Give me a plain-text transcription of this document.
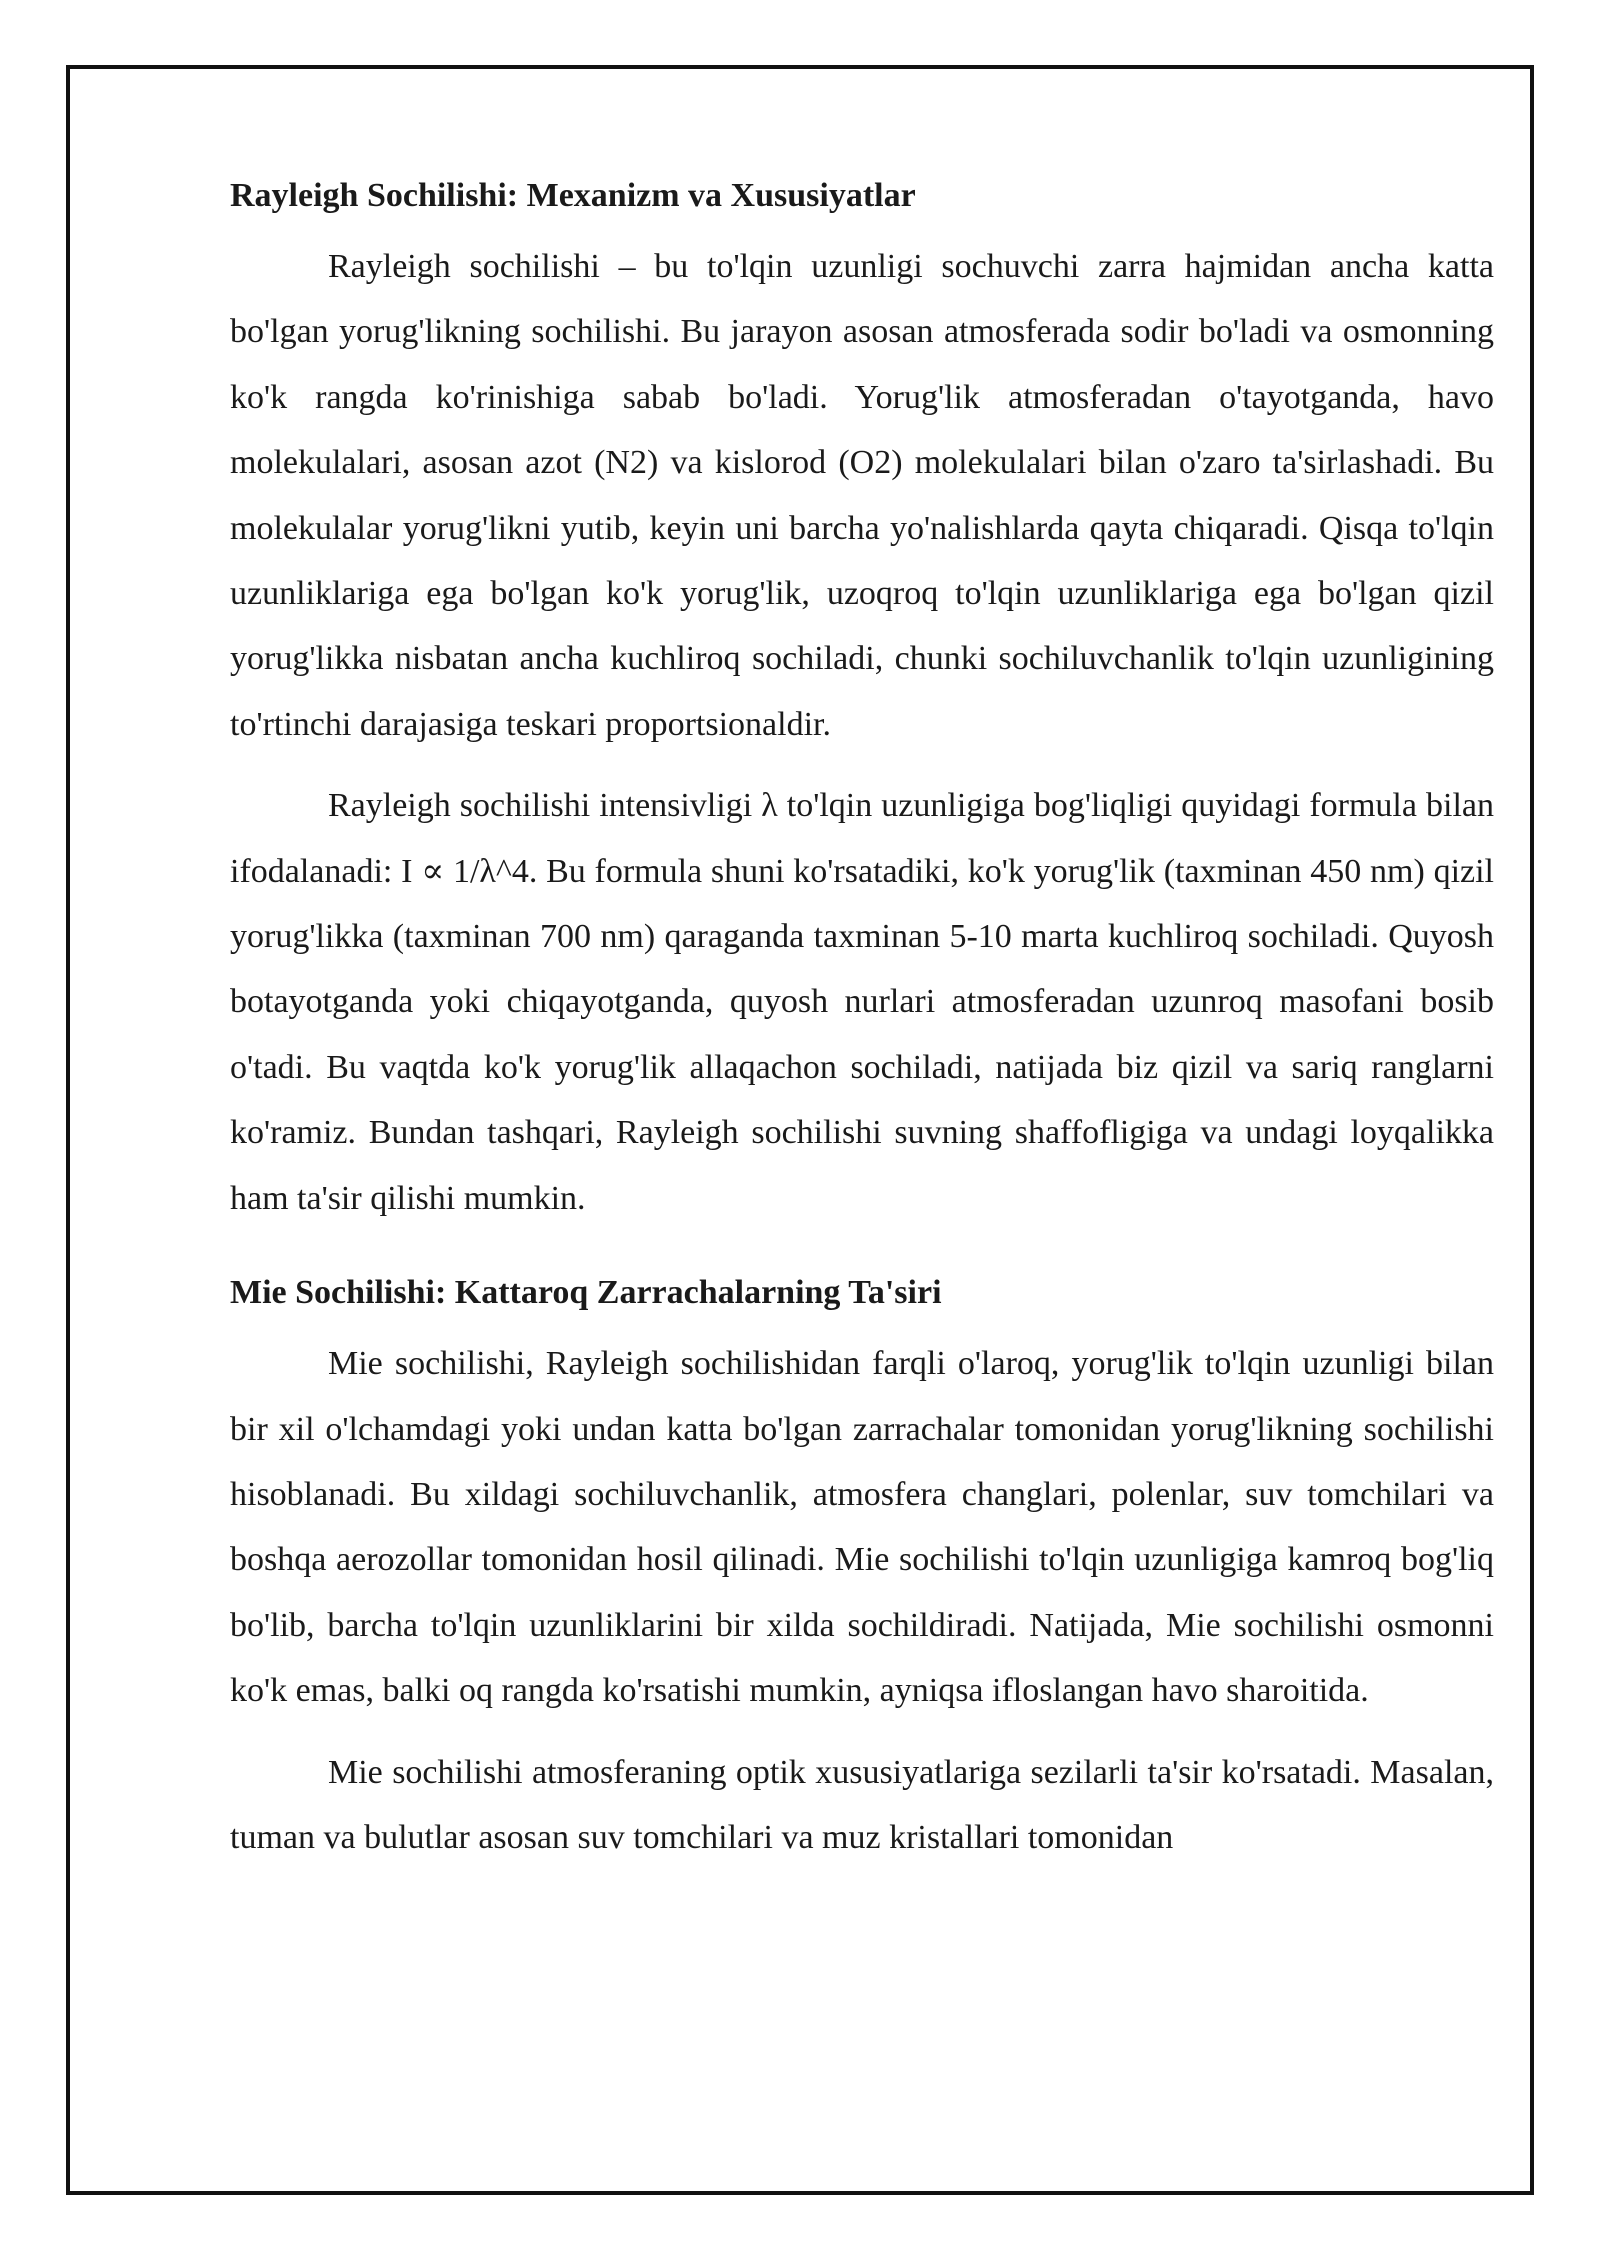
Rayleigh Sochilishi: Mexanizm va Xususiyatlar

Rayleigh sochilishi – bu to'lqin uzunligi sochuvchi zarra hajmidan ancha katta bo'lgan yorug'likning sochilishi. Bu jarayon asosan atmosferada sodir bo'ladi va osmonning ko'k rangda ko'rinishiga sabab bo'ladi. Yorug'lik atmosferadan o'tayotganda, havo molekulalari, asosan azot (N2) va kislorod (O2) molekulalari bilan o'zaro ta'sirlashadi. Bu molekulalar yorug'likni yutib, keyin uni barcha yo'nalishlarda qayta chiqaradi. Qisqa to'lqin uzunliklariga ega bo'lgan ko'k yorug'lik, uzoqroq to'lqin uzunliklariga ega bo'lgan qizil yorug'likka nisbatan ancha kuchliroq sochiladi, chunki sochiluvchanlik to'lqin uzunligining to'rtinchi darajasiga teskari proportsionaldir.

Rayleigh sochilishi intensivligi λ to'lqin uzunligiga bog'liqligi quyidagi formula bilan ifodalanadi: I ∝ 1/λ^4. Bu formula shuni ko'rsatadiki, ko'k yorug'lik (taxminan 450 nm) qizil yorug'likka (taxminan 700 nm) qaraganda taxminan 5-10 marta kuchliroq sochiladi. Quyosh botayotganda yoki chiqayotganda, quyosh nurlari atmosferadan uzunroq masofani bosib o'tadi. Bu vaqtda ko'k yorug'lik allaqachon sochiladi, natijada biz qizil va sariq ranglarni ko'ramiz. Bundan tashqari, Rayleigh sochilishi suvning shaffofligiga va undagi loyqalikka ham ta'sir qilishi mumkin.

Mie Sochilishi: Kattaroq Zarrachalarning Ta'siri

Mie sochilishi, Rayleigh sochilishidan farqli o'laroq, yorug'lik to'lqin uzunligi bilan bir xil o'lchamdagi yoki undan katta bo'lgan zarrachalar tomonidan yorug'likning sochilishi hisoblanadi. Bu xildagi sochiluvchanlik, atmosfera changlari, polenlar, suv tomchilari va boshqa aerozollar tomonidan hosil qilinadi. Mie sochilishi to'lqin uzunligiga kamroq bog'liq bo'lib, barcha to'lqin uzunliklarini bir xilda sochildiradi. Natijada, Mie sochilishi osmonni ko'k emas, balki oq rangda ko'rsatishi mumkin, ayniqsa ifloslangan havo sharoitida.

Mie sochilishi atmosferaning optik xususiyatlariga sezilarli ta'sir ko'rsatadi. Masalan, tuman va bulutlar asosan suv tomchilari va muz kristallari tomonidan
